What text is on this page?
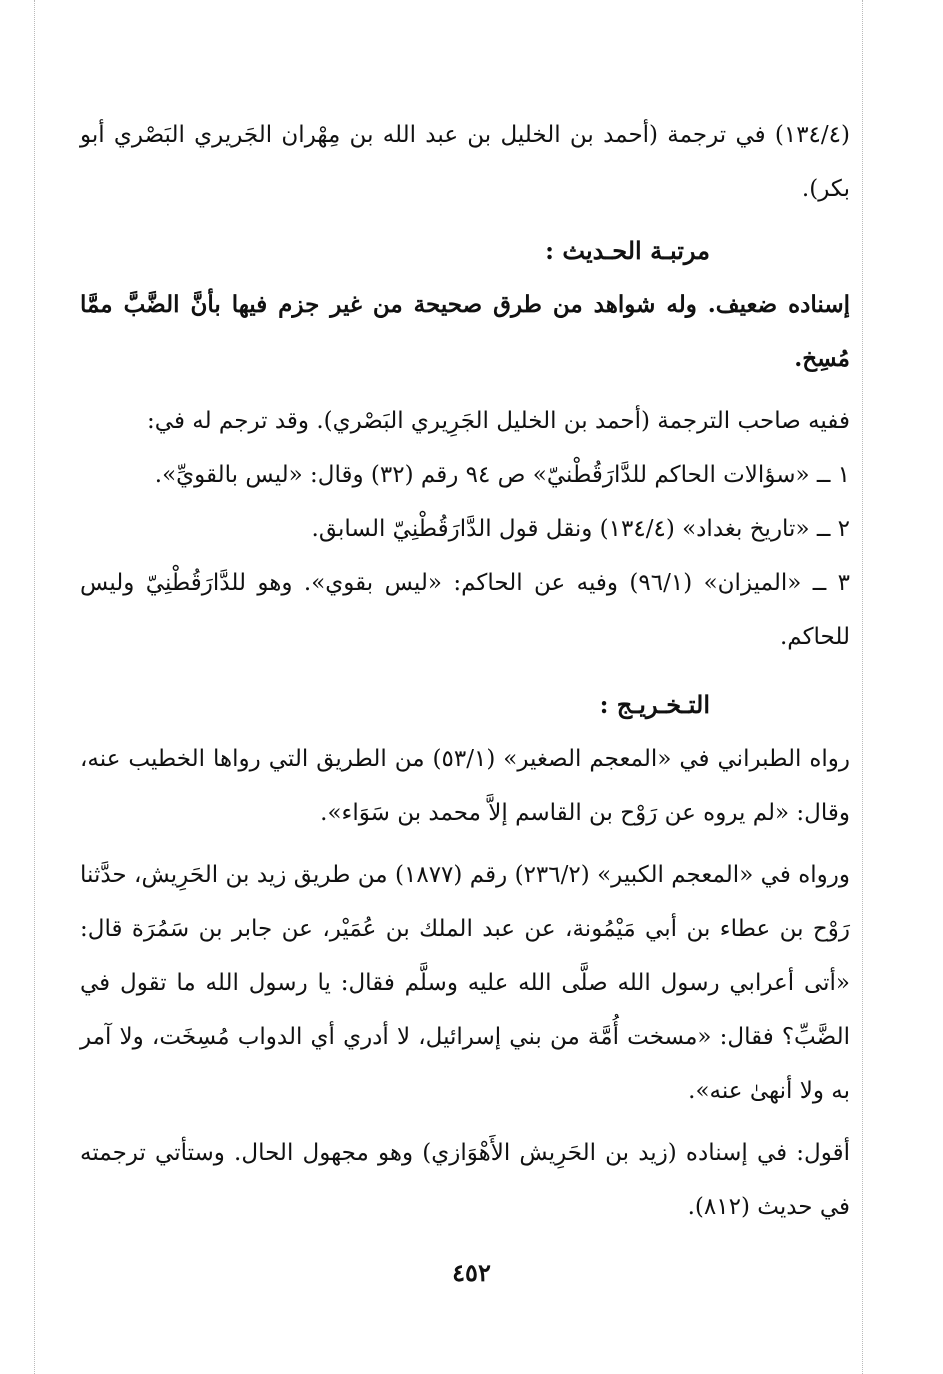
(١٣٤/٤) في ترجمة (أحمد بن الخليل بن عبد الله بن مِهْران الجَريري البَصْري أبو بكر).

مرتبـة الحـديث :

إسناده ضعيف. وله شواهد من طرق صحيحة من غير جزم فيها بأنَّ الضَّبَّ ممَّا مُسِخ.

ففيه صاحب الترجمة (أحمد بن الخليل الجَرِيري البَصْري). وقد ترجم له في:

١ ــ «سؤالات الحاكم للدَّارَقُطْنيّ» ص ٩٤ رقم (٣٢) وقال: «ليس بالقويِّ».

٢ ــ «تاريخ بغداد» (١٣٤/٤) ونقل قول الدَّارَقُطْنِيّ السابق.

٣ ــ «الميزان» (٩٦/١) وفيه عن الحاكم: «ليس بقوي». وهو للدَّارَقُطْنِيّ وليس للحاكم.

التـخـريـج :

رواه الطبراني في «المعجم الصغير» (٥٣/١) من الطريق التي رواها الخطيب عنه، وقال: «لم يروه عن رَوْح بن القاسم إلاَّ محمد بن سَوَاء».

ورواه في «المعجم الكبير» (٢٣٦/٢) رقم (١٨٧٧) من طريق زيد بن الحَرِيش، حدَّثنا رَوْح بن عطاء بن أبي مَيْمُونة، عن عبد الملك بن عُمَيْر، عن جابر بن سَمُرَة قال: «أتى أعرابي رسول الله صلَّى الله عليه وسلَّم فقال: يا رسول الله ما تقول في الضَّبِّ؟ فقال: «مسخت أُمَّة من بني إسرائيل، لا أدري أي الدواب مُسِخَت، ولا آمر به ولا أنهىٰ عنه».

أقول: في إسناده (زيد بن الحَرِيش الأَهْوَازي) وهو مجهول الحال. وستأتي ترجمته في حديث (٨١٢).

٤٥٢
